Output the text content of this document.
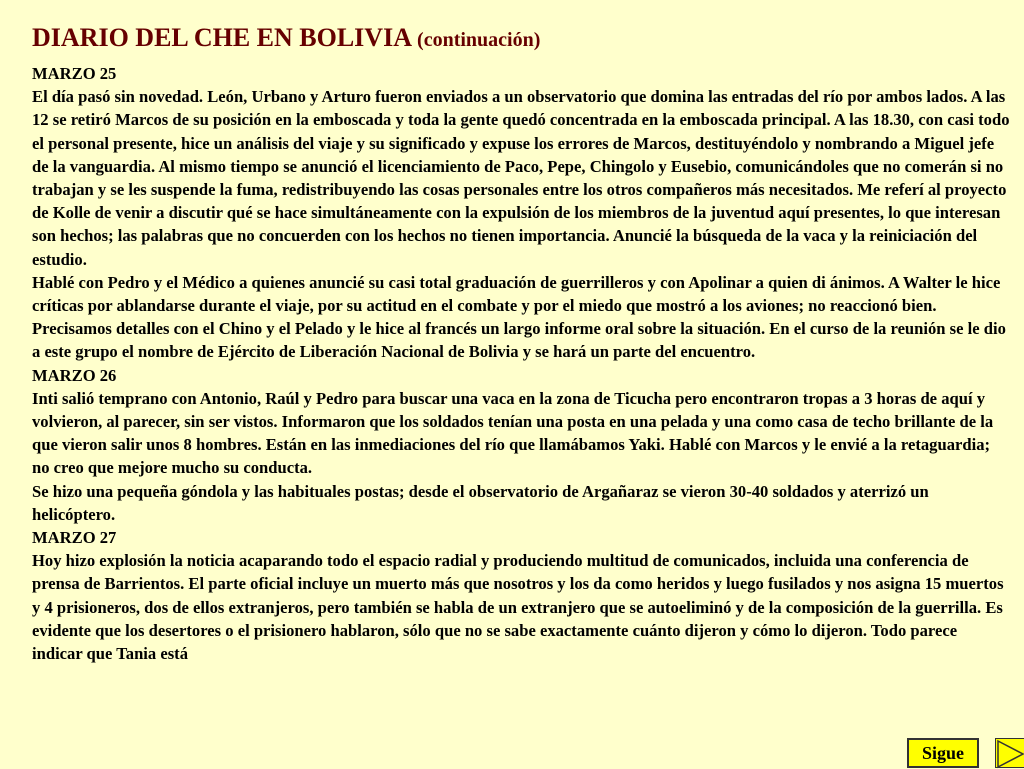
DIARIO DEL CHE EN BOLIVIA (continuación)
MARZO 25
El día pasó sin novedad. León, Urbano y Arturo fueron enviados a un observatorio que domina las entradas del río por ambos lados. A las 12 se retiró Marcos de su posición en la emboscada y toda la gente quedó concentrada en la emboscada principal. A las 18.30, con casi todo el personal presente, hice un análisis del viaje y su significado y expuse los errores de Marcos, destituyéndolo y nombrando a Miguel jefe de la vanguardia. Al mismo tiempo se anunció el licenciamiento de Paco, Pepe, Chingolo y Eusebio, comunicándoles que no comerán si no trabajan y se les suspende la fuma, redistribuyendo las cosas personales entre los otros compañeros más necesitados. Me referí al proyecto de Kolle de venir a discutir qué se hace simultáneamente con la expulsión de los miembros de la juventud aquí presentes, lo que interesan son hechos; las palabras que no concuerden con los hechos no tienen importancia. Anuncié la búsqueda de la vaca y la reiniciación del estudio.
Hablé con Pedro y el Médico a quienes anuncié su casi total graduación de guerrilleros y con Apolinar a quien di ánimos. A Walter le hice críticas por ablandarse durante el viaje, por su actitud en el combate y por el miedo que mostró a los aviones; no reaccionó bien. Precisamos detalles con el Chino y el Pelado y le hice al francés un largo informe oral sobre la situación. En el curso de la reunión se le dio a este grupo el nombre de Ejército de Liberación Nacional de Bolivia y se hará un parte del encuentro.
MARZO 26
Inti salió temprano con Antonio, Raúl y Pedro para buscar una vaca en la zona de Ticucha pero encontraron tropas a 3 horas de aquí y volvieron, al parecer, sin ser vistos. Informaron que los soldados tenían una posta en una pelada y una como casa de techo brillante de la que vieron salir unos 8 hombres. Están en las inmediaciones del río que llamábamos Yaki. Hablé con Marcos y le envié a la retaguardia; no creo que mejore mucho su conducta.
Se hizo una pequeña góndola y las habituales postas; desde el observatorio de Argañaraz se vieron 30-40 soldados y aterrizó un helicóptero.
MARZO 27
Hoy hizo explosión la noticia acaparando todo el espacio radial y produciendo multitud de comunicados, incluida una conferencia de prensa de Barrientos. El parte oficial incluye un muerto más que nosotros y los da como heridos y luego fusilados y nos asigna 15 muertos y 4 prisioneros, dos de ellos extranjeros, pero también se habla de un extranjero que se autoeliminó y de la composición de la guerrilla. Es evidente que los desertores o el prisionero hablaron, sólo que no se sabe exactamente cuánto dijeron y cómo lo dijeron. Todo parece indicar que Tania está
Sigue
